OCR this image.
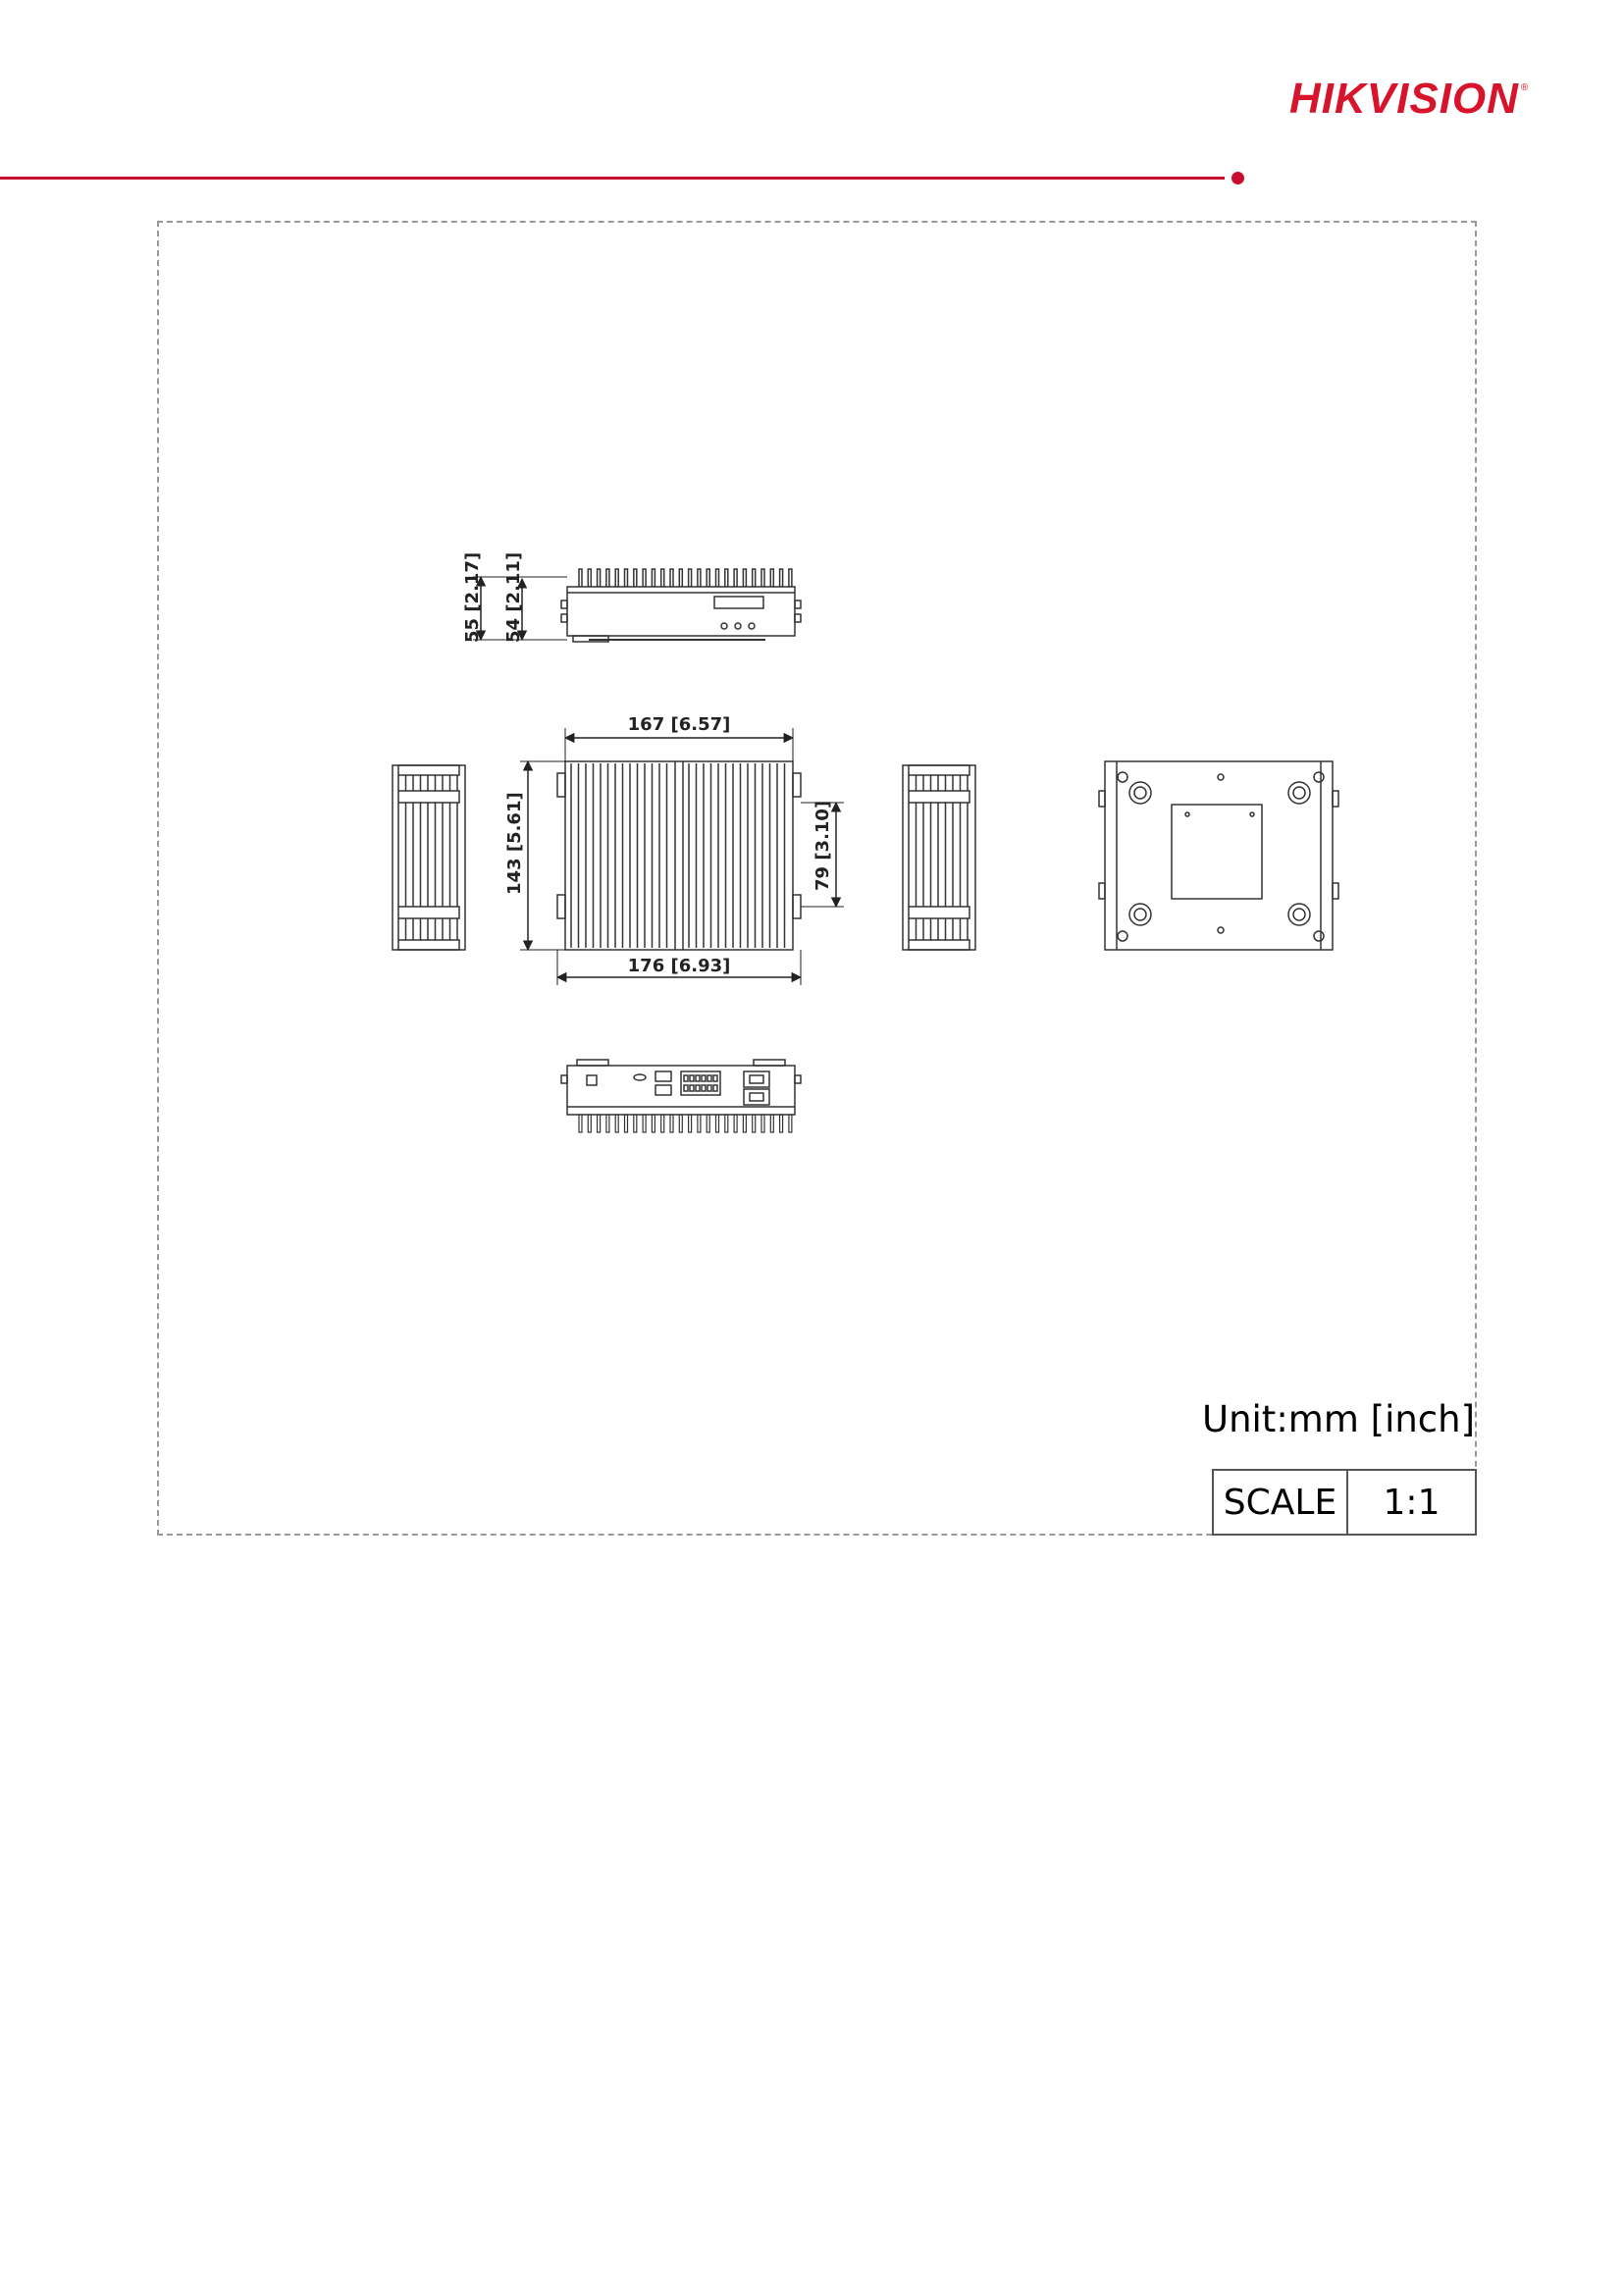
HIKVISION ®
55 [2.17] 54 [2.11]
167 [6.57]
143 [5.61]	79 [3.10]
176 [6.93]
Unit:mm [inch]
SCALE	1:1
